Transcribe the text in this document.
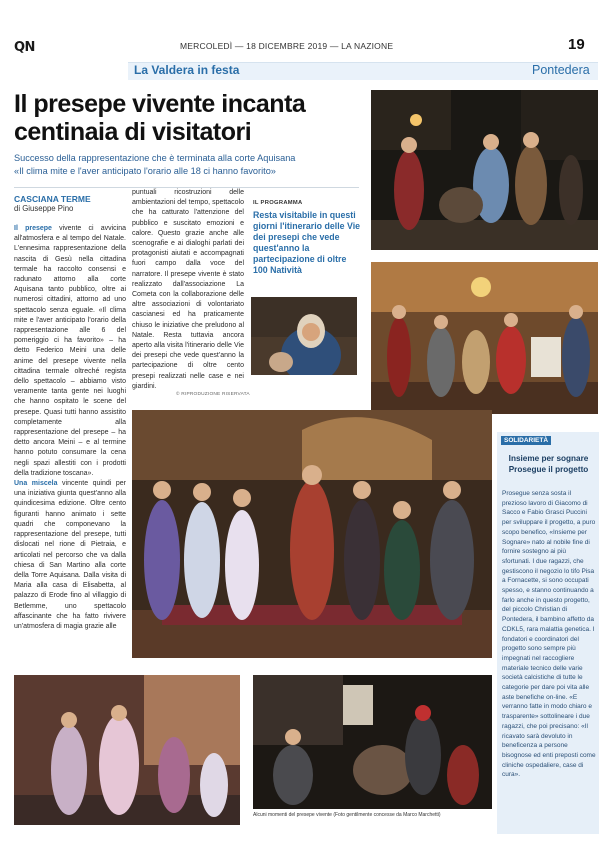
QN	MERCOLEDÌ — 18 DICEMBRE 2019 — LA NAZIONE	19
La Valdera in festa	Pontedera
Il presepe vivente incanta centinaia di visitatori
Successo della rappresentazione che è terminata alla corte Aquisana
«Il clima mite e l'aver anticipato l'orario alle 18 ci hanno favorito»
CASCIANA TERME
di Giuseppe Pino
Il presepe vivente ci avvicina all'atmosfera e al tempo del Natale. L'ennesima rappresentazione della nascita di Gesù nella cittadina termale ha raccolto consensi e radunato attorno alla corte Aquisana tanto pubblico, oltre ai numerosi cittadini, attorno ad uno spettacolo senza eguale. «Il clima mite e l'aver anticipato l'orario della rappresentazione alle 6 del pomeriggio ci ha favorito» – ha detto Federico Meini una delle anime del presepe vivente nella cittadina termale oltreché regista dello spettacolo – abbiamo visto veramente tanta gente nei luoghi che hanno ospitato le scene del presepe. Quasi tutti hanno assistito completamente alla rappresentazione del presepe – ha detto ancora Meini – e al termine hanno potuto consumare la cena negli spazi allestiti con i prodotti della tradizione toscana».
Una miscela vincente quindi per una iniziativa giunta quest'anno alla quindicesima edizione. Oltre cento figuranti hanno animato i sette quadri che componevano la rappresentazione del presepe, tutti dislocati nel rione di Pietraia, e articolati nel percorso che va dalla chiesa di San Martino alla corte della Torre Aquisana. Dalla visita di Maria alla casa di Elisabetta, al palazzo di Erode fino al villaggio di Betlemme, uno spettacolo affascinante che ha fatto rivivere un'atmosfera di magia grazie alle
puntuali ricostruzioni delle ambientazioni del tempo, spettacolo che ha catturato l'attenzione del pubblico e suscitato emozioni e calore. Questo grazie anche alle scenografie e ai dialoghi parlati dei protagonisti aiutati e accompagnati fuori campo dalla voce del narratore. Il presepe vivente è stato realizzato dall'associazione La Cometa con la collaborazione delle altre associazioni di volontariato cascianesi ed ha praticamente chiuso le iniziative che preludono al Natale. Resta tuttavia ancora aperto alla visita l'itinerario delle Vie dei presepi che vede quest'anno la partecipazione di oltre cento presepi realizzati nelle case e nei giardini.
IL PROGRAMMA
Resta visitabile in questi giorni l'itinerario delle Vie dei presepi che vede quest'anno la partecipazione di oltre 100 Natività
© RIPRODUZIONE RISERVATA
Alcuni momenti del presepe vivente (Foto gentilmente concesse da Marco Marchetti)
SOLIDARIETÀ
Insieme per sognare Prosegue il progetto
Prosegue senza sosta il prezioso lavoro di Giacomo di Sacco e Fabio Grasci Puccini per sviluppare il progetto, a puro scopo benefico, «Insieme per Sognare» nato al nobile fine di fornire sostegno ai più sfortunati. I due ragazzi, che gestiscono il negozio lo tifo Pisa a Fornacette, si sono occupati spesso, e stanno continuando a farlo anche in questo progetto, del piccolo Christian di Pontedera, il bambino affetto da CDKL5, rara malattia genetica. I fondatori e coordinatori del progetto sono sempre più impegnati nel raccogliere materiale tecnico delle varie società calcistiche di tutte le categorie per dare poi vita alle aste benefiche on-line. «E verranno fatte in modo chiaro e trasparente» sottolineare i due ragazzi, che poi precisano: «Il ricavato sarà devoluto in beneficenza a persone bisognose ed enti preposti come cliniche ospedaliere, case di cura».
